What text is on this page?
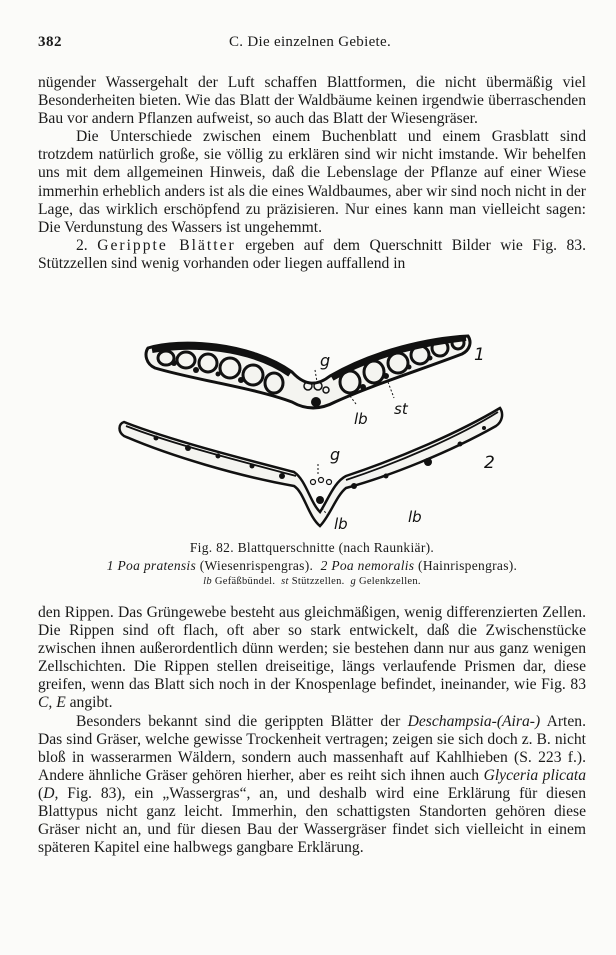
382	C. Die einzelnen Gebiete.

nügender Wassergehalt der Luft schaffen Blattformen, die nicht übermäßig viel Besonderheiten bieten. Wie das Blatt der Waldbäume keinen irgendwie überraschenden Bau vor andern Pflanzen aufweist, so auch das Blatt der Wiesengräser.

Die Unterschiede zwischen einem Buchenblatt und einem Grasblatt sind trotzdem natürlich große, sie völlig zu erklären sind wir nicht imstande. Wir behelfen uns mit dem allgemeinen Hinweis, daß die Lebenslage der Pflanze auf einer Wiese immerhin erheblich anders ist als die eines Waldbaumes, aber wir sind noch nicht in der Lage, das wirklich erschöpfend zu präzisieren. Nur eines kann man vielleicht sagen: Die Verdunstung des Wassers ist ungehemmt.

2. Gerippte Blätter ergeben auf dem Querschnitt Bilder wie Fig. 83. Stützzellen sind wenig vorhanden oder liegen auffallend in

g	1
lb
st
g	2
lb	lb
Fig. 82. Blattquerschnitte (nach Raunkiär).
1 Poa pratensis (Wiesenrispengras). 2 Poa nemoralis (Hainrispengras).
lb Gefäßbündel. st Stützzellen. g Gelenkzellen.

den Rippen. Das Grüngewebe besteht aus gleichmäßigen, wenig differenzierten Zellen. Die Rippen sind oft flach, oft aber so stark entwickelt, daß die Zwischenstücke zwischen ihnen außerordentlich dünn werden; sie bestehen dann nur aus ganz wenigen Zellschichten. Die Rippen stellen dreiseitige, längs verlaufende Prismen dar, diese greifen, wenn das Blatt sich noch in der Knospenlage befindet, ineinander, wie Fig. 83 C, E angibt.

Besonders bekannt sind die gerippten Blätter der Deschampsia-(Aira-) Arten. Das sind Gräser, welche gewisse Trockenheit vertragen; zeigen sie sich doch z. B. nicht bloß in wasserarmen Wäldern, sondern auch massenhaft auf Kahlhieben (S. 223 f.). Andere ähnliche Gräser gehören hierher, aber es reiht sich ihnen auch Glyceria plicata (D, Fig. 83), ein „Wassergras“, an, und deshalb wird eine Erklärung für diesen Blattypus nicht ganz leicht. Immerhin, den schattigsten Standorten gehören diese Gräser nicht an, und für diesen Bau der Wassergräser findet sich vielleicht in einem späteren Kapitel eine halbwegs gangbare Erklärung.
